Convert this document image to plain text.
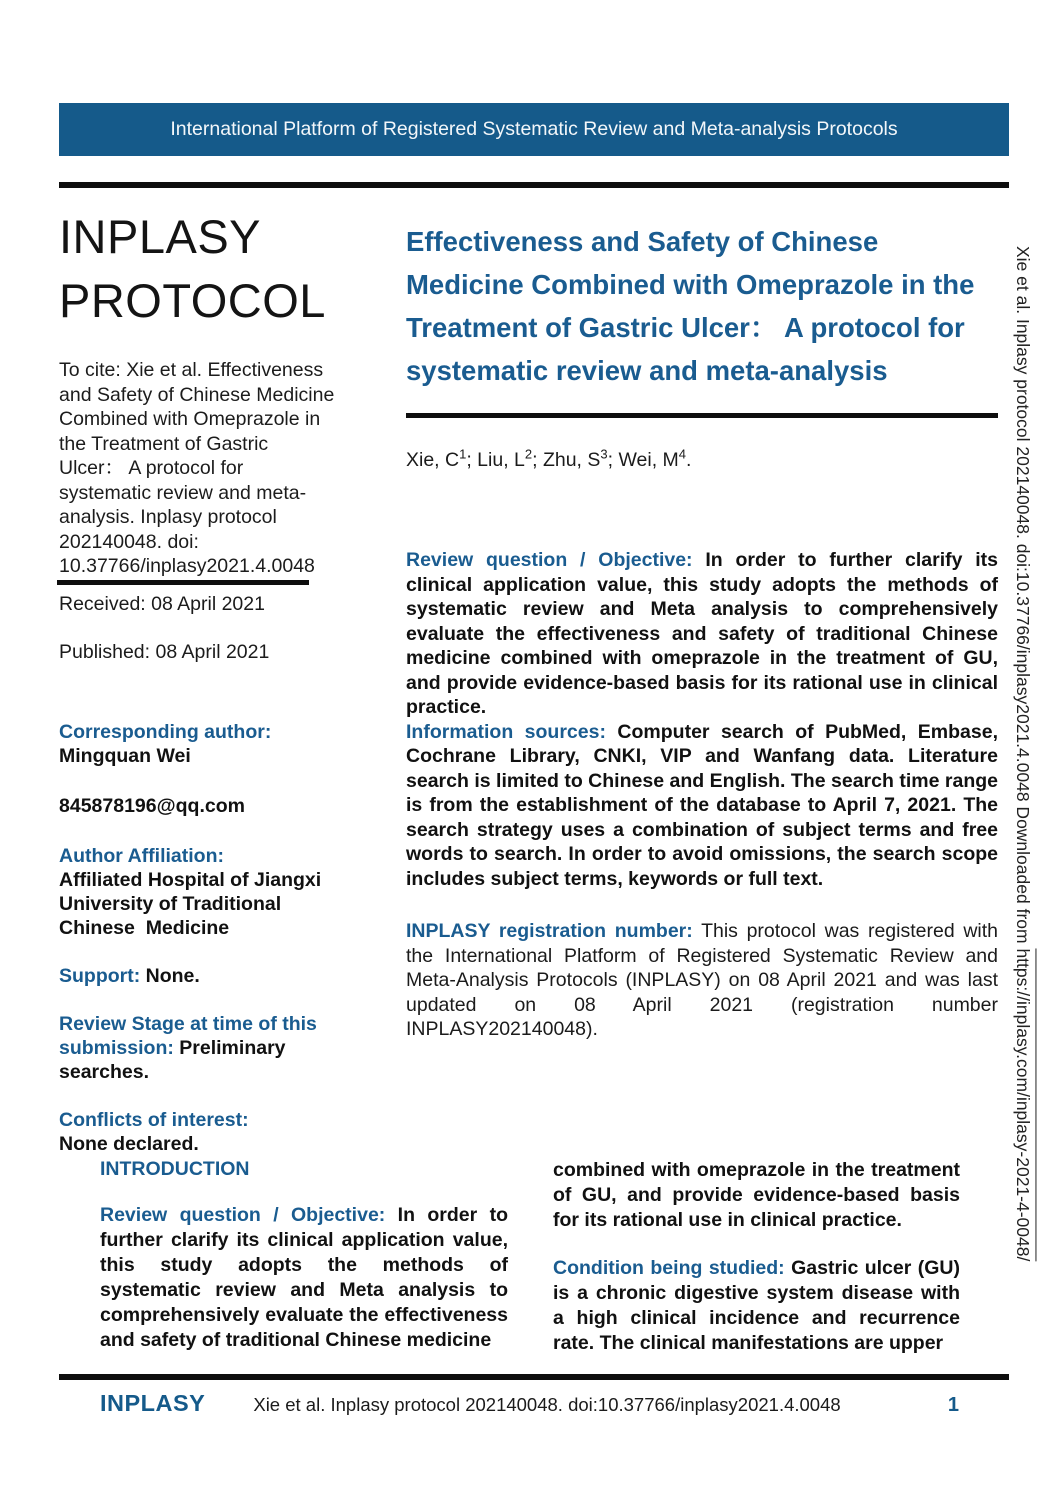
International Platform of Registered Systematic Review and Meta-analysis Protocols
INPLASY PROTOCOL
To cite: Xie et al. Effectiveness and Safety of Chinese Medicine Combined with Omeprazole in the Treatment of Gastric Ulcer： A protocol for systematic review and meta-analysis. Inplasy protocol 202140048. doi: 10.37766/inplasy2021.4.0048
Received: 08 April 2021
Published: 08 April 2021
Corresponding author:
Mingquan Wei
845878196@qq.com
Author Affiliation:
Affiliated Hospital of Jiangxi University of Traditional Chinese  Medicine
Support: None.
Review Stage at time of this submission: Preliminary searches.
Conflicts of interest:
None declared.
Effectiveness and Safety of Chinese Medicine Combined with Omeprazole in the Treatment of Gastric Ulcer： A protocol for systematic review and meta-analysis
Xie, $C^1$; Liu, $L^2$; Zhu, $S^3$; Wei, $M^4$.

Review question / Objective: In order to further clarify its clinical application value, this study adopts the methods of systematic review and Meta analysis to comprehensively evaluate the effectiveness and safety of traditional Chinese medicine combined with omeprazole in the treatment of GU, and provide evidence-based basis for its rational use in clinical practice.

Information sources: Computer search of PubMed, Embase, Cochrane Library, CNKI, VIP and Wanfang data. Literature search is limited to Chinese and English. The search time range is from the establishment of the database to April 7, 2021. The search strategy uses a combination of subject terms and free words to search. In order to avoid omissions, the search scope includes subject terms, keywords or full text.

INPLASY registration number: This protocol was registered with the International Platform of Registered Systematic Review and Meta-Analysis Protocols (INPLASY) on 08 April 2021 and was last updated on 08 April 2021 (registration number INPLASY202140048).

INTRODUCTION

Review question / Objective: In order to further clarify its clinical application value, this study adopts the methods of systematic review and Meta analysis to comprehensively evaluate the effectiveness and safety of traditional Chinese medicine

combined with omeprazole in the treatment of GU, and provide evidence-based basis for its rational use in clinical practice.

Condition being studied: Gastric ulcer (GU) is a chronic digestive system disease with a high clinical incidence and recurrence rate. The clinical manifestations are upper

INPLASY	Xie et al. Inplasy protocol 202140048. doi:10.37766/inplasy2021.4.0048	1
Xie et al. Inplasy protocol 202140048. doi:10.37766/inplasy2021.4.0048 Downloaded from https://inplasy.com/inplasy-2021-4-0048/
